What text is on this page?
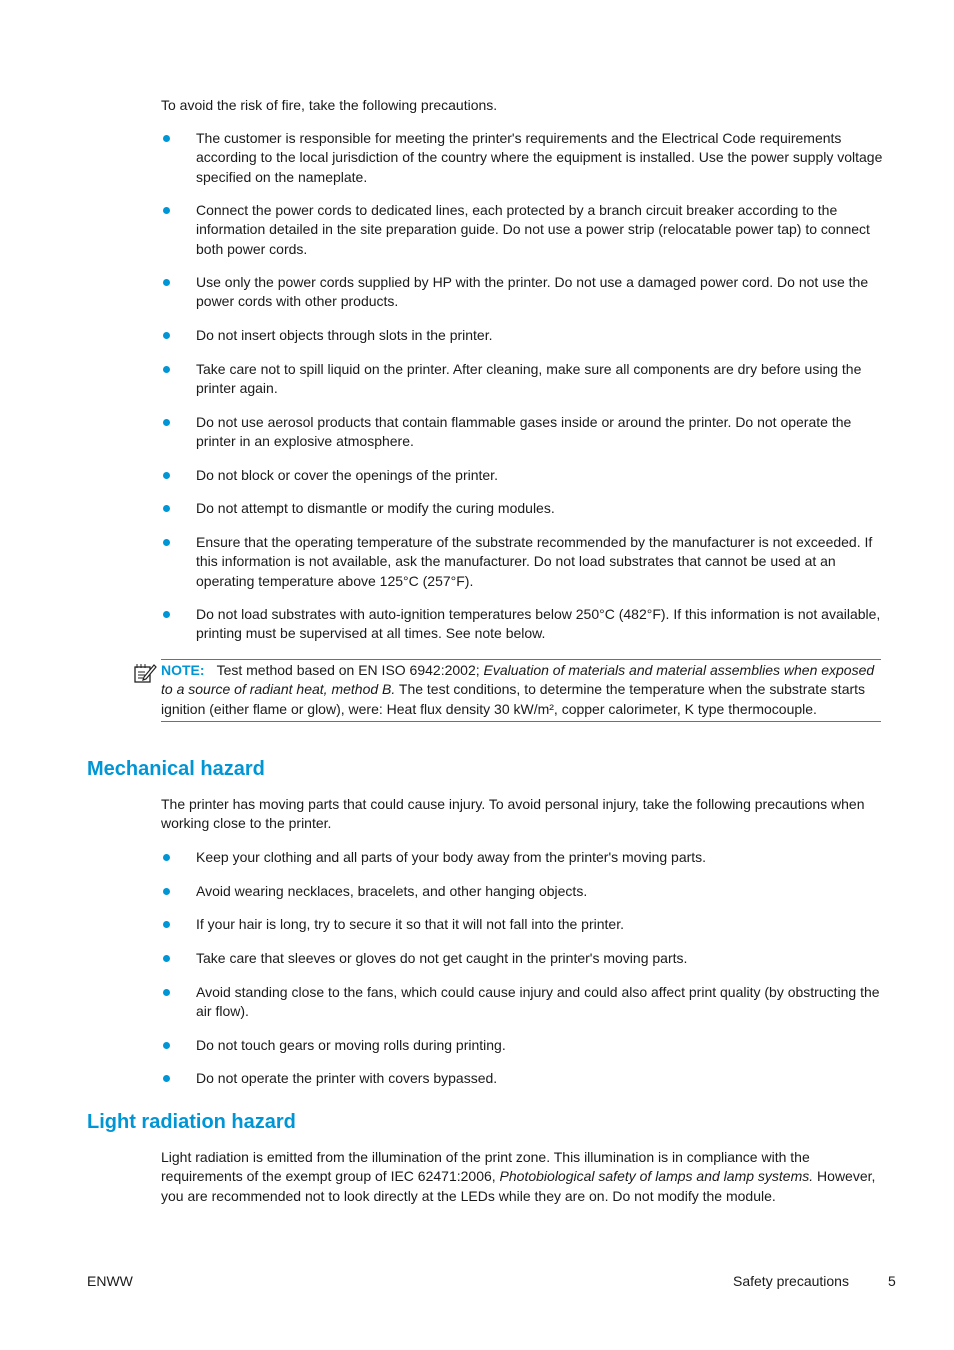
To avoid the risk of fire, take the following precautions.

The customer is responsible for meeting the printer's requirements and the Electrical Code requirements according to the local jurisdiction of the country where the equipment is installed. Use the power supply voltage specified on the nameplate.
Connect the power cords to dedicated lines, each protected by a branch circuit breaker according to the information detailed in the site preparation guide. Do not use a power strip (relocatable power tap) to connect both power cords.
Use only the power cords supplied by HP with the printer. Do not use a damaged power cord. Do not use the power cords with other products.
Do not insert objects through slots in the printer.
Take care not to spill liquid on the printer. After cleaning, make sure all components are dry before using the printer again.
Do not use aerosol products that contain flammable gases inside or around the printer. Do not operate the printer in an explosive atmosphere.
Do not block or cover the openings of the printer.
Do not attempt to dismantle or modify the curing modules.
Ensure that the operating temperature of the substrate recommended by the manufacturer is not exceeded. If this information is not available, ask the manufacturer. Do not load substrates that cannot be used at an operating temperature above 125°C (257°F).
Do not load substrates with auto-ignition temperatures below 250°C (482°F). If this information is not available, printing must be supervised at all times. See note below.
NOTE: Test method based on EN ISO 6942:2002; Evaluation of materials and material assemblies when exposed to a source of radiant heat, method B. The test conditions, to determine the temperature when the substrate starts ignition (either flame or glow), were: Heat flux density 30 kW/m², copper calorimeter, K type thermocouple.
Mechanical hazard

The printer has moving parts that could cause injury. To avoid personal injury, take the following precautions when working close to the printer.

Keep your clothing and all parts of your body away from the printer's moving parts.
Avoid wearing necklaces, bracelets, and other hanging objects.
If your hair is long, try to secure it so that it will not fall into the printer.
Take care that sleeves or gloves do not get caught in the printer's moving parts.
Avoid standing close to the fans, which could cause injury and could also affect print quality (by obstructing the air flow).
Do not touch gears or moving rolls during printing.
Do not operate the printer with covers bypassed.
Light radiation hazard

Light radiation is emitted from the illumination of the print zone. This illumination is in compliance with the requirements of the exempt group of IEC 62471:2006, Photobiological safety of lamps and lamp systems. However, you are recommended not to look directly at the LEDs while they are on. Do not modify the module.

ENWW	Safety precautions	5
